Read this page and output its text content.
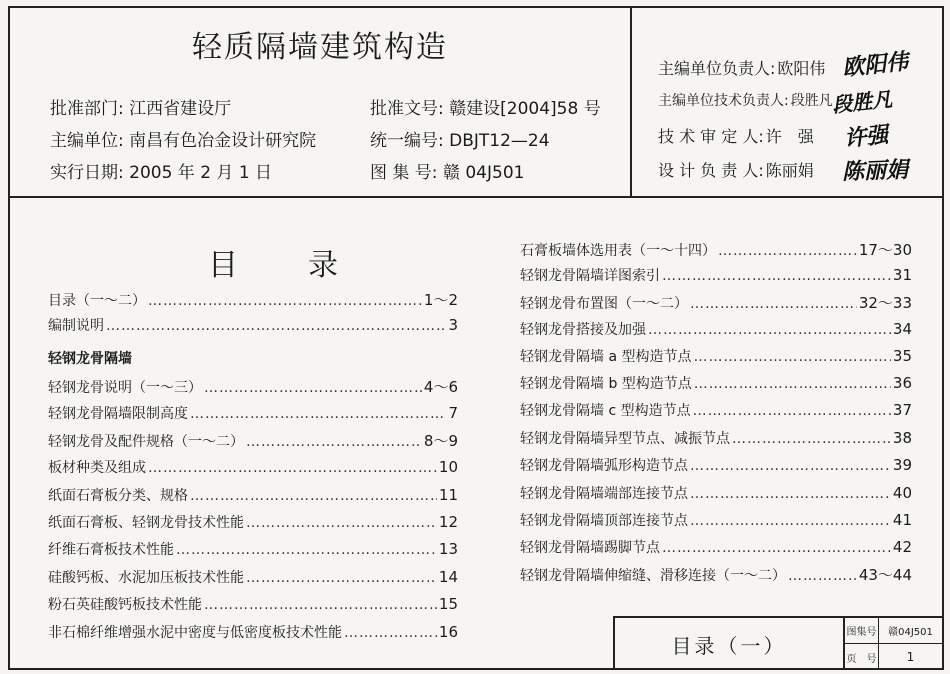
轻质隔墙建筑构造
批准部门: 江西省建设厅	批准文号: 赣建设[2004]58 号
主编单位: 南昌有色冶金设计研究院	统一编号: DBJT12—24
实行日期: 2005 年 2 月 1 日	图 集 号: 赣 04J501
主编单位负责人: 欧阳伟
主编单位技术负责人: 段胜凡
技 术 审 定 人: 许　强
设 计 负 责 人: 陈丽娟
欧阳伟
段胜凡
许强
陈丽娟
目　录
目录（一～二） ……………………………………………………………………………………………………………………………………	1～2
编制说明 ……………………………………………………………………………………………………………………………………	3
轻钢龙骨说明（一～三） ……………………………………………………………………………………………………………………………………	4～6
轻钢龙骨隔墙限制高度 ……………………………………………………………………………………………………………………………………	7
轻钢龙骨及配件规格（一～二） ……………………………………………………………………………………………………………………………………	8～9
板材种类及组成 ……………………………………………………………………………………………………………………………………	10
纸面石膏板分类、规格 ……………………………………………………………………………………………………………………………………	11
纸面石膏板、轻钢龙骨技术性能 ……………………………………………………………………………………………………………………………………	12
纤维石膏板技术性能 ……………………………………………………………………………………………………………………………………	13
硅酸钙板、水泥加压板技术性能 ……………………………………………………………………………………………………………………………………	14
粉石英硅酸钙板技术性能 ……………………………………………………………………………………………………………………………………	15
非石棉纤维增强水泥中密度与低密度板技术性能 ……………………………………………………………………………………………………………………………………	16
轻钢龙骨隔墙
石膏板墙体选用表（一～十四） ……………………………………………………………………………………………………………………………………	17～30
轻钢龙骨隔墙详图索引 ……………………………………………………………………………………………………………………………………	31
轻钢龙骨布置图（一～二） ……………………………………………………………………………………………………………………………………	32～33
轻钢龙骨搭接及加强 ……………………………………………………………………………………………………………………………………	34
轻钢龙骨隔墙 a 型构造节点 ……………………………………………………………………………………………………………………………………	35
轻钢龙骨隔墙 b 型构造节点 ……………………………………………………………………………………………………………………………………	36
轻钢龙骨隔墙 c 型构造节点 ……………………………………………………………………………………………………………………………………	37
轻钢龙骨隔墙异型节点、减振节点 ……………………………………………………………………………………………………………………………………	38
轻钢龙骨隔墙弧形构造节点 ……………………………………………………………………………………………………………………………………	39
轻钢龙骨隔墙端部连接节点 ……………………………………………………………………………………………………………………………………	40
轻钢龙骨隔墙顶部连接节点 ……………………………………………………………………………………………………………………………………	41
轻钢龙骨隔墙踢脚节点 ……………………………………………………………………………………………………………………………………	42
轻钢龙骨隔墙伸缩缝、滑移连接（一～二） ……………………………………………………………………………………………………………………………………	43～44
目录（一）
图集号	赣04J501
页　号	1
